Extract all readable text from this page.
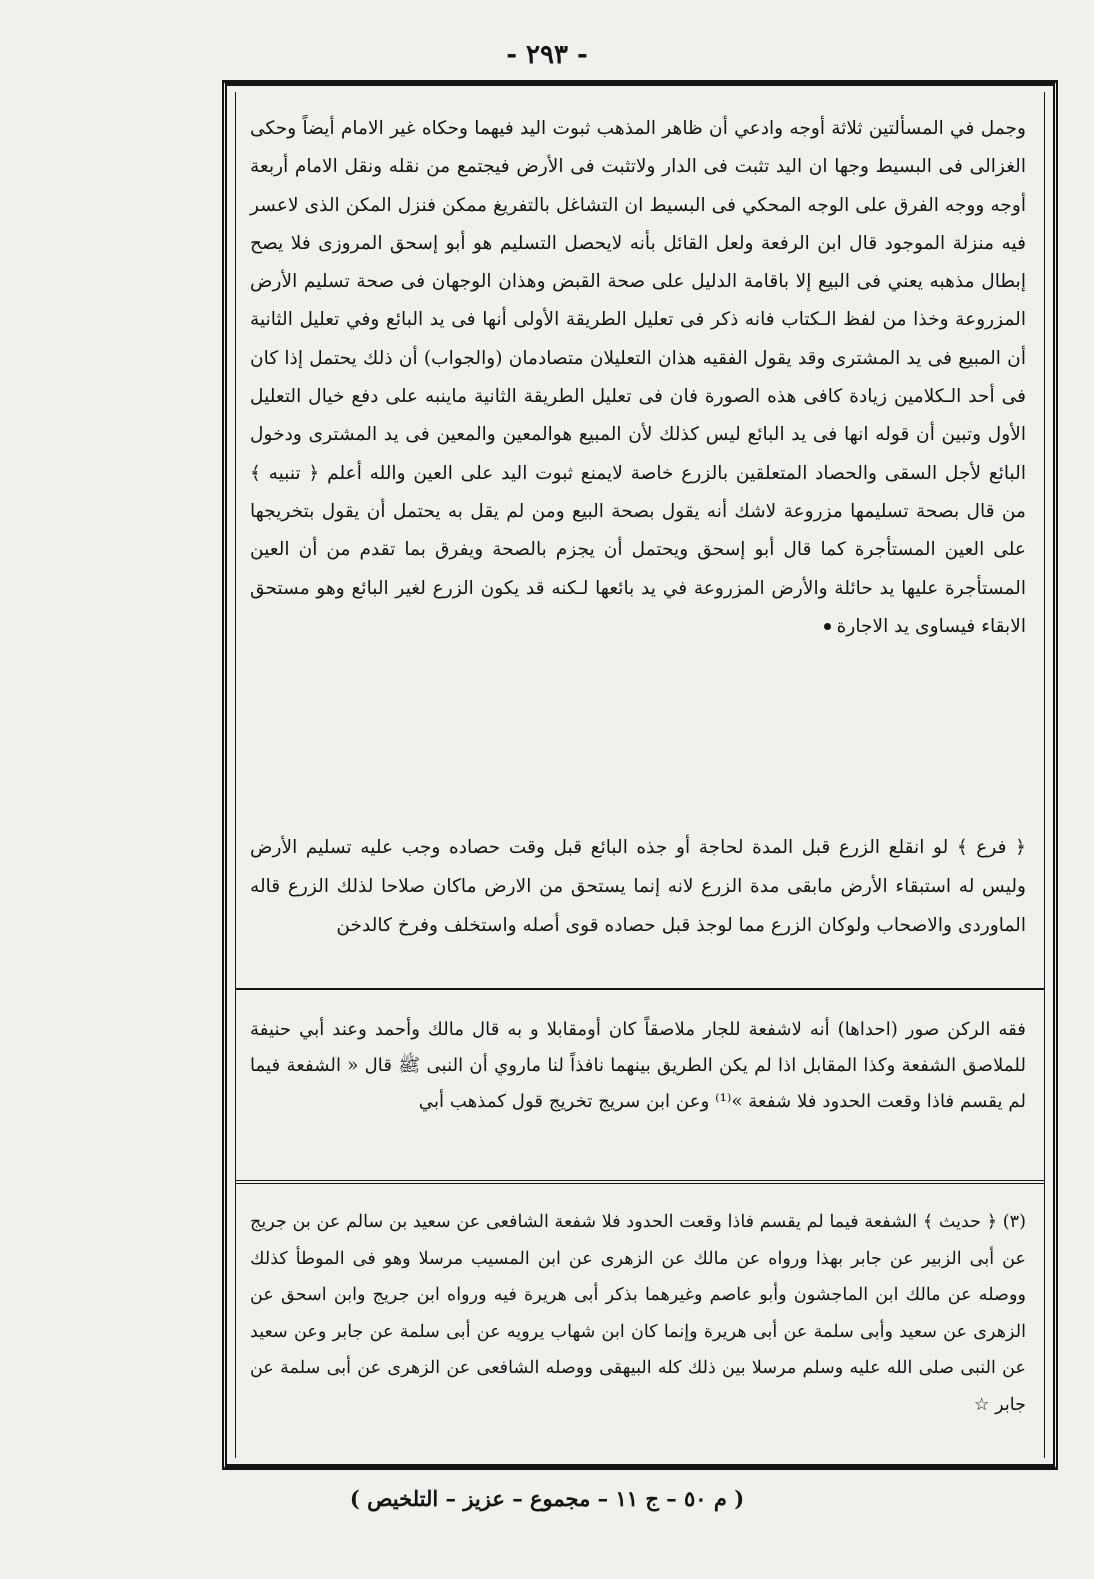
- ٢٩٣ -

وجمل في المسألتين ثلاثة أوجه وادعي أن ظاهر المذهب ثبوت اليد فيهما وحكاه غير الامام أيضاً وحكى الغزالى فى البسيط وجها ان اليد تثبت فى الدار ولاتثبت فى الأرض فيجتمع من نقله ونقل الامام أربعة أوجه ووجه الفرق على الوجه المحكي فى البسيط ان التشاغل بالتفريغ ممكن فنزل المكن الذى لاعسر فيه منزلة الموجود قال ابن الرفعة ولعل القائل بأنه لايحصل التسليم هو أبو إسحق المروزى فلا يصح إبطال مذهبه يعني فى البيع إلا باقامة الدليل على صحة القبض وهذان الوجهان فى صحة تسليم الأرض المزروعة وخذا من لفظ الـكتاب فانه ذكر فى تعليل الطريقة الأولى أنها فى يد البائع وفي تعليل الثانية أن المبيع فى يد المشترى وقد يقول الفقيه هذان التعليلان متصادمان (والجواب) أن ذلك يحتمل إذا كان فى أحد الـكلامين زيادة كافى هذه الصورة فان فى تعليل الطريقة الثانية ماينبه على دفع خيال التعليل الأول وتبين أن قوله انها فى يد البائع ليس كذلك لأن المبيع هوالمعين والمعين فى يد المشترى ودخول البائع لأجل السقى والحصاد المتعلقين بالزرع خاصة لايمنع ثبوت اليد على العين والله أعلم ﴿ تنبيه ﴾ من قال بصحة تسليمها مزروعة لاشك أنه يقول بصحة البيع ومن لم يقل به يحتمل أن يقول بتخريجها على العين المستأجرة كما قال أبو إسحق ويحتمل أن يجزم بالصحة ويفرق بما تقدم من أن العين المستأجرة عليها يد حائلة والأرض المزروعة في يد بائعها لـكنه قد يكون الزرع لغير البائع وهو مستحق الابقاء فيساوى يد الاجارة

﴿ فرع ﴾ لو انقلع الزرع قبل المدة لحاجة أو جذه البائع قبل وقت حصاده وجب عليه تسليم الأرض وليس له استبقاء الأرض مابقى مدة الزرع لانه إنما يستحق من الارض ماكان صلاحا لذلك الزرع قاله الماوردى والاصحاب ولوكان الزرع مما لوجذ قبل حصاده قوى أصله واستخلف وفرخ كالدخن

فقه الركن صور (احداها) أنه لاشفعة للجار ملاصقاً كان أومقابلا و به قال مالك وأحمد وعند أبي حنيفة للملاصق الشفعة وكذا المقابل اذا لم يكن الطريق بينهما نافذاً لنا ماروي أن النبى ﷺ قال « الشفعة فيما لم يقسم فاذا وقعت الحدود فلا شفعة »⁽¹⁾ وعن ابن سريج تخريج قول كمذهب أبي

(٣) ﴿ حديث ﴾ الشفعة فيما لم يقسم فاذا وقعت الحدود فلا شفعة الشافعى عن سعيد بن سالم عن بن جريج عن أبى الزبير عن جابر بهذا ورواه عن مالك عن الزهرى عن ابن المسيب مرسلا وهو فى الموطأ كذلك ووصله عن مالك ابن الماجشون وأبو عاصم وغيرهما بذكر أبى هريرة فيه ورواه ابن جريج وابن اسحق عن الزهرى عن سعيد وأبى سلمة عن أبى هريرة وإنما كان ابن شهاب يرويه عن أبى سلمة عن جابر وعن سعيد عن النبى صلى الله عليه وسلم مرسلا بين ذلك كله البيهقى ووصله الشافعى عن الزهرى عن أبى سلمة عن جابر ☆

( م ٥٠ – ج ١١ – مجموع – عزيز – التلخيص )
